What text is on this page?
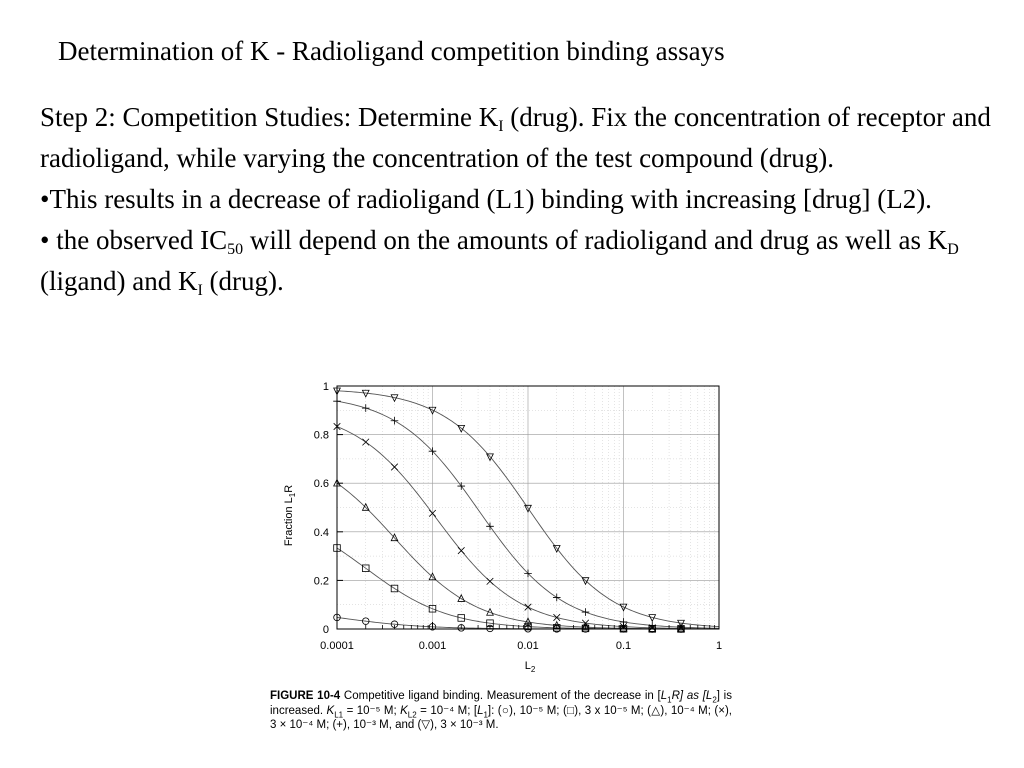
Determination of K - Radioligand competition binding assays

Step 2: Competition Studies: Determine $K_I$ (drug). Fix the concentration of receptor and radioligand, while varying the concentration of the test compound (drug).

•This results in a decrease of radioligand (L1) binding with increasing [drug] (L2).

• the observed $IC_{50}$ will depend on the amounts of radioligand and drug as well as $K_D$ (ligand) and $K_I$ (drug).

0.0001	0.001	0.01	0.1	1
0
0.2
0.4
0.6
0.8
1
$L_2$
Fraction $L_1R$
FIGURE 10-4 Competitive ligand binding. Measurement of the decrease in $[L_1R]$ as $[L_2]$ is increased. $K_{L1} = 10^{-5}$ M; $K_{L2} = 10^{-4}$ M; $[L_1]$: (○), 10⁻⁵ M; (□), 3 x 10⁻⁵ M; (△), 10⁻⁴ M; (×), 3 × 10⁻⁴ M; (+), 10⁻³ M, and (▽), 3 × 10⁻³ M.
